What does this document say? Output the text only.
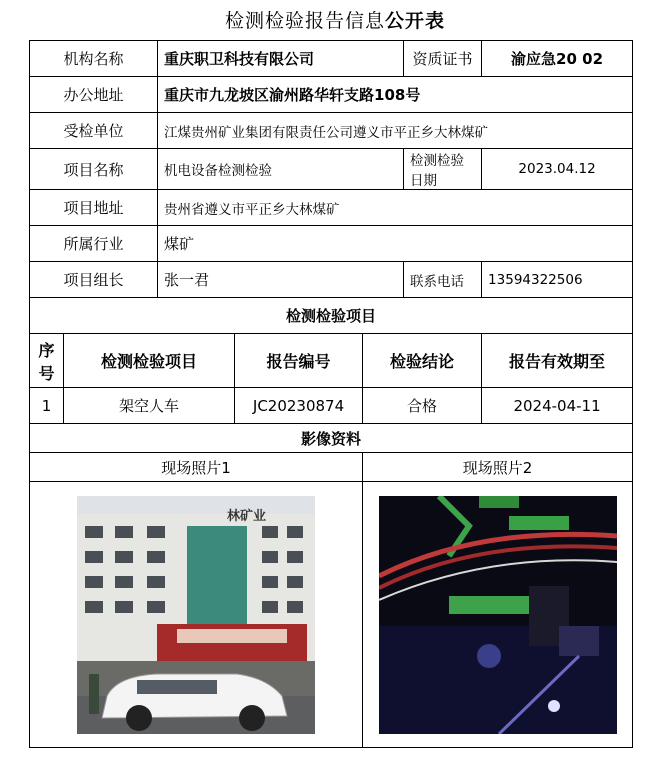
检测检验报告信息公开表
机构名称		重庆职卫科技有限公司			资质证书	渝应急20 02
办公地址		重庆市九龙坡区渝州路华轩支路108号				
受检单位		江煤贵州矿业集团有限责任公司遵义市平正乡大林煤矿				
项目名称		机电设备检测检验			检测检验日期	2023.04.12
项目地址		贵州省遵义市平正乡大林煤矿				
所属行业		煤矿				
项目组长		张一君			联系电话	13594322506
检测检验项目						
序号	检测检验项目		报告编号	检验结论		报告有效期至
1	架空人车		JC20230874	合格		2024-04-11
影像资料						
现场照片1				现场照片2		

林矿业
